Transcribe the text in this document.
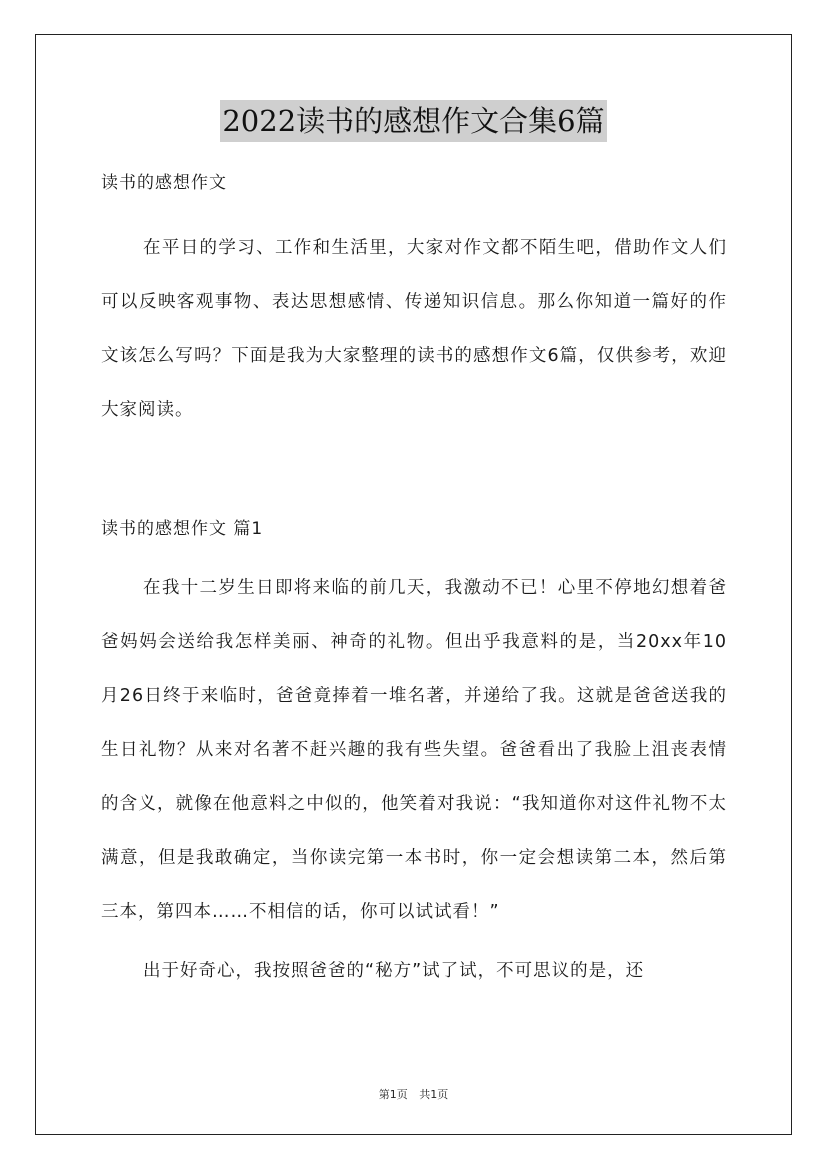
2022读书的感想作文合集6篇

读书的感想作文

在平日的学习、工作和生活里，大家对作文都不陌生吧，借助作文人们可以反映客观事物、表达思想感情、传递知识信息。那么你知道一篇好的作文该怎么写吗？下面是我为大家整理的读书的感想作文6篇，仅供参考，欢迎大家阅读。

读书的感想作文 篇1

在我十二岁生日即将来临的前几天，我激动不已！心里不停地幻想着爸爸妈妈会送给我怎样美丽、神奇的礼物。但出乎我意料的是，当20xx年10月26日终于来临时，爸爸竟捧着一堆名著，并递给了我。这就是爸爸送我的生日礼物？从来对名著不赶兴趣的我有些失望。爸爸看出了我脸上沮丧表情的含义，就像在他意料之中似的，他笑着对我说：“我知道你对这件礼物不太满意，但是我敢确定，当你读完第一本书时，你一定会想读第二本，然后第三本，第四本……不相信的话，你可以试试看！”

出于好奇心，我按照爸爸的“秘方”试了试，不可思议的是，还

第1页 共1页
